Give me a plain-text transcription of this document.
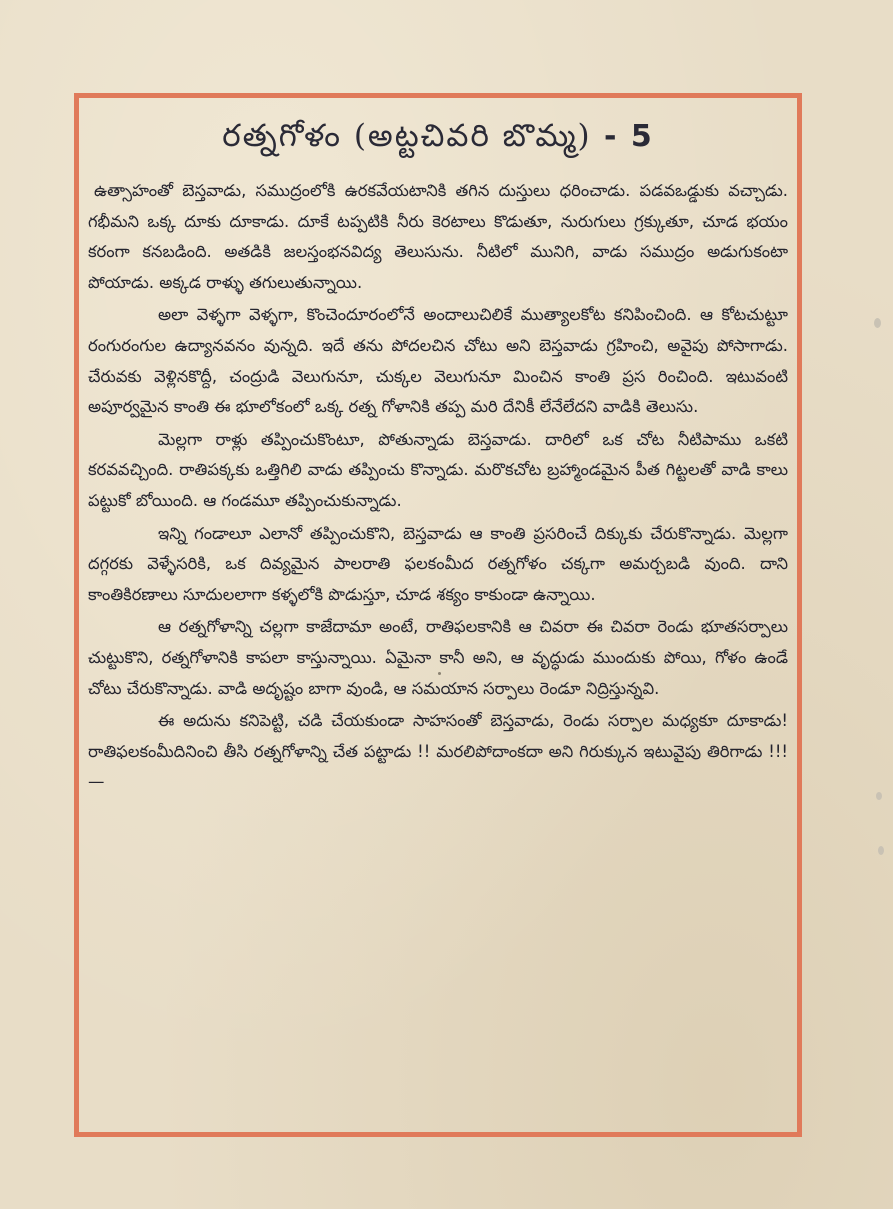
రత్నగోళం (అట్టచివరి బొమ్మ) - 5

ఉత్సాహంతో బెస్తవాడు, సముద్రంలోకి ఉరకవేయటానికి తగిన దుస్తులు ధరించాడు. పడవఒడ్డుకు వచ్చాడు. గభీమని ఒక్క దూకు దూకాడు. దూకే టప్పటికి నీరు కెరటాలు కొడుతూ, నురుగులు గ్రక్కుతూ, చూడ భయం కరంగా కనబడింది. అతడికి జలస్తంభనవిద్య తెలుసును. నీటిలో మునిగి, వాడు సముద్రం అడుగుకంటా పోయాడు. అక్కడ రాళ్ళు తగులుతున్నాయి.

అలా వెళ్ళగా వెళ్ళగా, కొంచెందూరంలోనే అందాలుచిలికే ముత్యాలకోట కనిపించింది. ఆ కోటచుట్టూ రంగురంగుల ఉద్యానవనం వున్నది. ఇదే తను పోదలచిన చోటు అని బెస్తవాడు గ్రహించి, అవైపు పోసాగాడు. చేరువకు వెళ్లినకొద్దీ, చంద్రుడి వెలుగునూ, చుక్కల వెలుగునూ మించిన కాంతి ప్రస రించింది. ఇటువంటి అపూర్వమైన కాంతి ఈ భూలోకంలో ఒక్క రత్న గోళానికి తప్ప మరి దేనికీ లేనేలేదని వాడికి తెలుసు.

మెల్లగా రాళ్లు తప్పించుకొంటూ, పోతున్నాడు బెస్తవాడు. దారిలో ఒక చోట నీటిపాము ఒకటి కరవవచ్చింది. రాతిపక్కకు ఒత్తిగిలి వాడు తప్పించు కొన్నాడు. మరొకచోట బ్రహ్మాండమైన పీత గిట్టలతో వాడి కాలు పట్టుకో బోయింది. ఆ గండమూ తప్పించుకున్నాడు.

ఇన్ని గండాలూ ఎలానో తప్పించుకొని, బెస్తవాడు ఆ కాంతి ప్రసరించే దిక్కుకు చేరుకొన్నాడు. మెల్లగా దగ్గరకు వెళ్ళేసరికి, ఒక దివ్యమైన పాలరాతి ఫలకంమీద రత్నగోళం చక్కగా అమర్చబడి వుంది. దాని కాంతికిరణాలు సూదులలాగా కళ్ళలోకి పొడుస్తూ, చూడ శక్యం కాకుండా ఉన్నాయి.

ఆ రత్నగోళాన్ని చల్లగా కాజేదామా అంటే, రాతిఫలకానికి ఆ చివరా ఈ చివరా రెండు భూతసర్పాలు చుట్టుకొని, రత్నగోళానికి కాపలా కాస్తున్నాయి. ఏమైనా కానీ అని, ఆ వృద్ధుడు ముందుకు పోయి, గోళం ఉండే చోటు చేరుకొన్నాడు. వాడి అదృష్టం బాగా వుండి, ఆ సమయాన సర్పాలు రెండూ నిద్రిస్తున్నవి.

ఈ అదును కనిపెట్టి, చడి చేయకుండా సాహసంతో బెస్తవాడు, రెండు సర్పాల మధ్యకూ దూకాడు! రాతిఫలకంమీదినించి తీసి రత్నగోళాన్ని చేత పట్టాడు !! మరలిపోదాంకదా అని గిరుక్కున ఇటువైపు తిరిగాడు !!!—
